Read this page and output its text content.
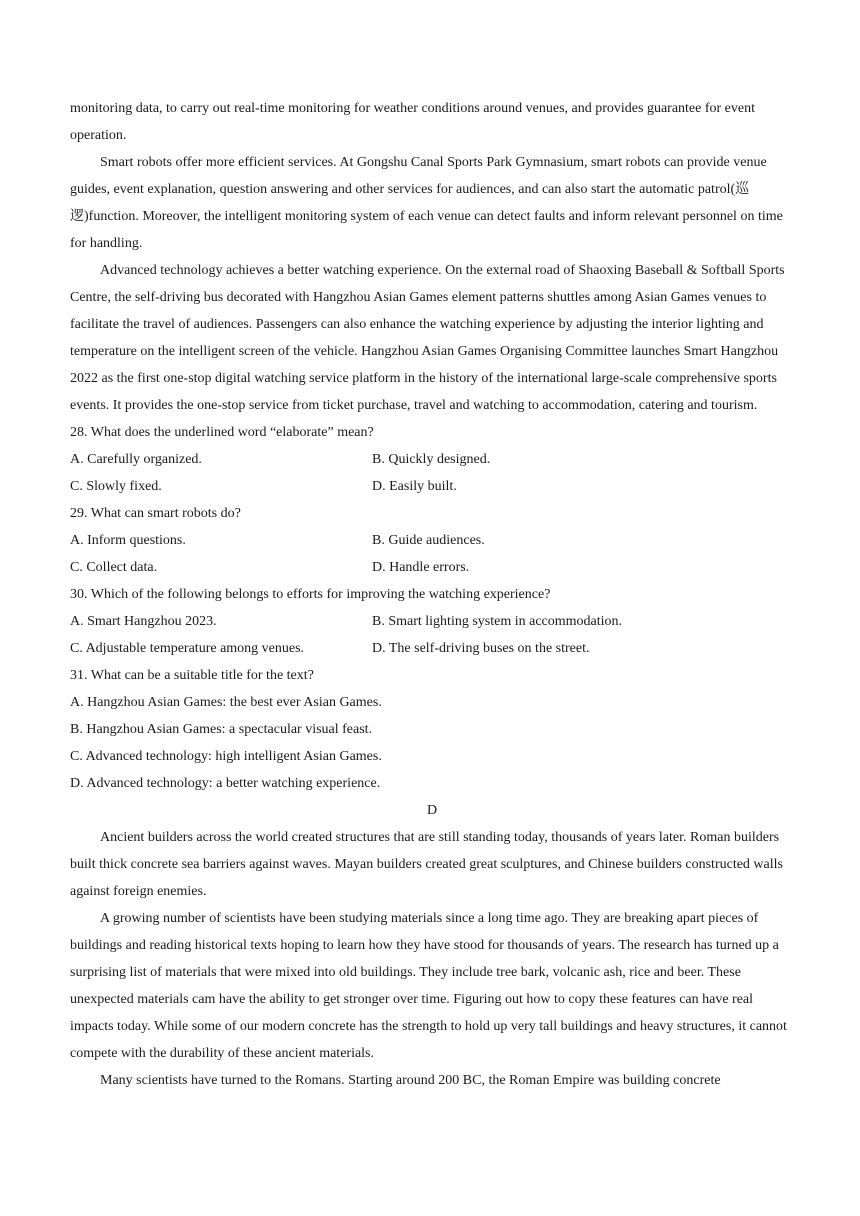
monitoring data, to carry out real-time monitoring for weather conditions around venues, and provides guarantee for event operation.

Smart robots offer more efficient services. At Gongshu Canal Sports Park Gymnasium, smart robots can provide venue guides, event explanation, question answering and other services for audiences, and can also start the automatic patrol(巡逻)function. Moreover, the intelligent monitoring system of each venue can detect faults and inform relevant personnel on time for handling.

Advanced technology achieves a better watching experience. On the external road of Shaoxing Baseball & Softball Sports Centre, the self-driving bus decorated with Hangzhou Asian Games element patterns shuttles among Asian Games venues to facilitate the travel of audiences. Passengers can also enhance the watching experience by adjusting the interior lighting and temperature on the intelligent screen of the vehicle. Hangzhou Asian Games Organising Committee launches Smart Hangzhou 2022 as the first one-stop digital watching service platform in the history of the international large-scale comprehensive sports events. It provides the one-stop service from ticket purchase, travel and watching to accommodation, catering and tourism.

28. What does the underlined word “elaborate” mean?

A. Carefully organized.	B. Quickly designed.
C. Slowly fixed.	D. Easily built.

29. What can smart robots do?

A. Inform questions.	B. Guide audiences.
C. Collect data.	D. Handle errors.

30. Which of the following belongs to efforts for improving the watching experience?

A. Smart Hangzhou 2023.	B. Smart lighting system in accommodation.
C. Adjustable temperature among venues.	D. The self-driving buses on the street.

31. What can be a suitable title for the text?

A. Hangzhou Asian Games: the best ever Asian Games.
B. Hangzhou Asian Games: a spectacular visual feast.
C. Advanced technology: high intelligent Asian Games.
D. Advanced technology: a better watching experience.

D

Ancient builders across the world created structures that are still standing today, thousands of years later. Roman builders built thick concrete sea barriers against waves. Mayan builders created great sculptures, and Chinese builders constructed walls against foreign enemies.

A growing number of scientists have been studying materials since a long time ago. They are breaking apart pieces of buildings and reading historical texts hoping to learn how they have stood for thousands of years. The research has turned up a surprising list of materials that were mixed into old buildings. They include tree bark, volcanic ash, rice and beer. These unexpected materials cam have the ability to get stronger over time. Figuring out how to copy these features can have real impacts today. While some of our modern concrete has the strength to hold up very tall buildings and heavy structures, it cannot compete with the durability of these ancient materials.

Many scientists have turned to the Romans. Starting around 200 BC, the Roman Empire was building concrete
